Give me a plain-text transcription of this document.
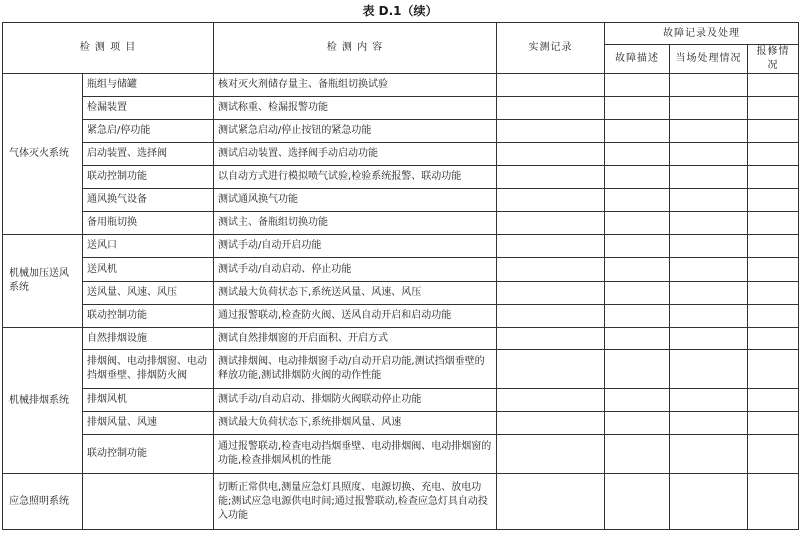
表 D.1（续）
检 测 项 目		检 测 内 容	实测记录	故障记录及处理		
				故障描述	当场处理情况	报修情况
气体灭火系统	瓶组与储罐	核对灭火剂储存量主、备瓶组切换试验				
	检漏装置	测试称重、检漏报警功能				
	紧急启/停功能	测试紧急启动/停止按钮的紧急功能				
	启动装置、选择阀	测试启动装置、选择阀手动启动功能				
	联动控制功能	以自动方式进行模拟喷气试验,检验系统报警、联动功能				
	通风换气设备	测试通风换气功能				
	备用瓶切换	测试主、备瓶组切换功能				
机械加压送风系统	送风口	测试手动/自动开启功能				
	送风机	测试手动/自动启动、停止功能				
	送风量、风速、风压	测试最大负荷状态下,系统送风量、风速、风压				
	联动控制功能	通过报警联动,检查防火阀、送风自动开启和启动功能				
机械排烟系统	自然排烟设施	测试自然排烟窗的开启面积、开启方式				
	排烟阀、电动排烟窗、电动挡烟垂壁、排烟防火阀	测试排烟阀、电动排烟窗手动/自动开启功能,测试挡烟垂壁的释放功能,测试排烟防火阀的动作性能				
	排烟风机	测试手动/自动启动、排烟防火阀联动停止功能				
	排烟风量、风速	测试最大负荷状态下,系统排烟风量、风速				
	联动控制功能	通过报警联动,检查电动挡烟垂壁、电动排烟阀、电动排烟窗的功能,检查排烟风机的性能				
应急照明系统		切断正常供电,测量应急灯具照度、电源切换、充电、放电功能;测试应急电源供电时间;通过报警联动,检查应急灯具自动投入功能				
